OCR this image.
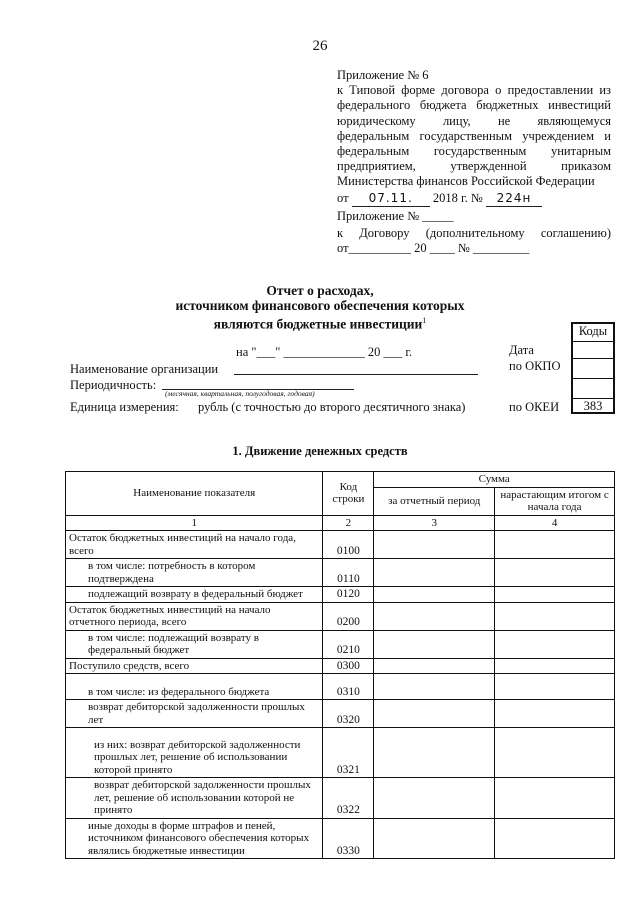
26
Приложение № 6
к Типовой форме договора о предоставлении из
федерального бюджета бюджетных инвестиций
юридическому лицу, не являющемуся
федеральным государственным учреждением и
федеральным государственным унитарным
предприятием, утвержденной приказом
Министерства финансов Российской Федерации
от 07.11. 2018 г. № 224н
Приложение № _____
к Договору (дополнительному соглашению)
от__________ 20 ____ № _________
Отчет о расходах,
источником финансового обеспечения которых
являются бюджетные инвестиции$^1$
на "___" _____________ 20 ___ г.
Наименование организации
Периодичность:
(месячная, квартальная, полугодовая, годовая)
Единица измерения: рубль (с точностью до второго десятичного знака)
Дата
по ОКПО
по ОКЕИ
Коды
383
1. Движение денежных средств
Наименование показателя	Код строки	Сумма	
		за отчетный период	нарастающим итогом с начала года
1	2	3	4
Остаток бюджетных инвестиций на начало года, всего	0100		
в том числе: потребность в котором подтверждена	0110		
подлежащий возврату в федеральный бюджет	0120		
Остаток бюджетных инвестиций на начало отчетного периода, всего	0200		
в том числе: подлежащий возврату в федеральный бюджет	0210		
Поступило средств, всего	0300		
в том числе: из федерального бюджета	0310		
возврат дебиторской задолженности прошлых лет	0320		
из них: возврат дебиторской задолженности прошлых лет, решение об использовании которой принято	0321		
возврат дебиторской задолженности прошлых лет, решение об использовании которой не принято	0322		
иные доходы в форме штрафов и пеней, источником финансового обеспечения которых являлись бюджетные инвестиции	0330		
